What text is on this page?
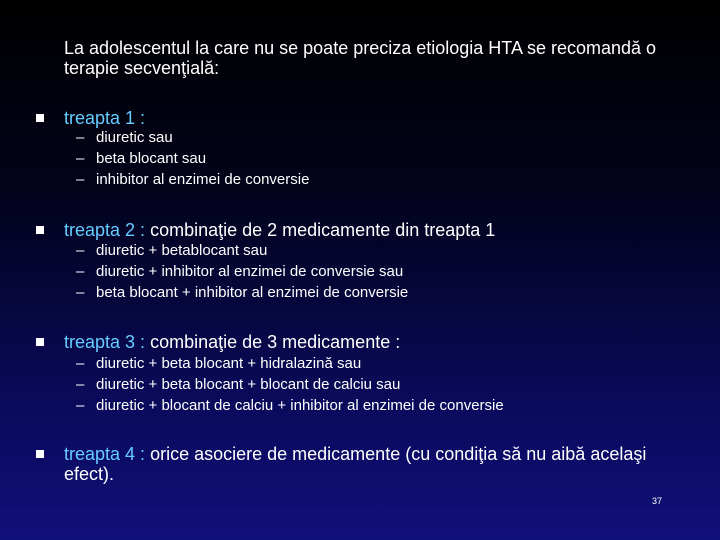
La adolescentul la care nu se poate preciza etiologia HTA se recomandă o terapie secvenţială:
treapta 1 :
– diuretic sau
– beta blocant sau
– inhibitor al enzimei de conversie
treapta 2 : combinaţie de 2 medicamente din treapta 1
– diuretic + betablocant sau
– diuretic + inhibitor al enzimei de conversie sau
– beta blocant + inhibitor al enzimei de conversie
treapta 3 : combinaţie de 3 medicamente :
– diuretic + beta blocant + hidralazină sau
– diuretic + beta blocant + blocant de calciu sau
– diuretic + blocant de calciu + inhibitor al enzimei de conversie
treapta 4 : orice asociere de medicamente (cu condiţia să nu aibă acelaşi efect).
37
